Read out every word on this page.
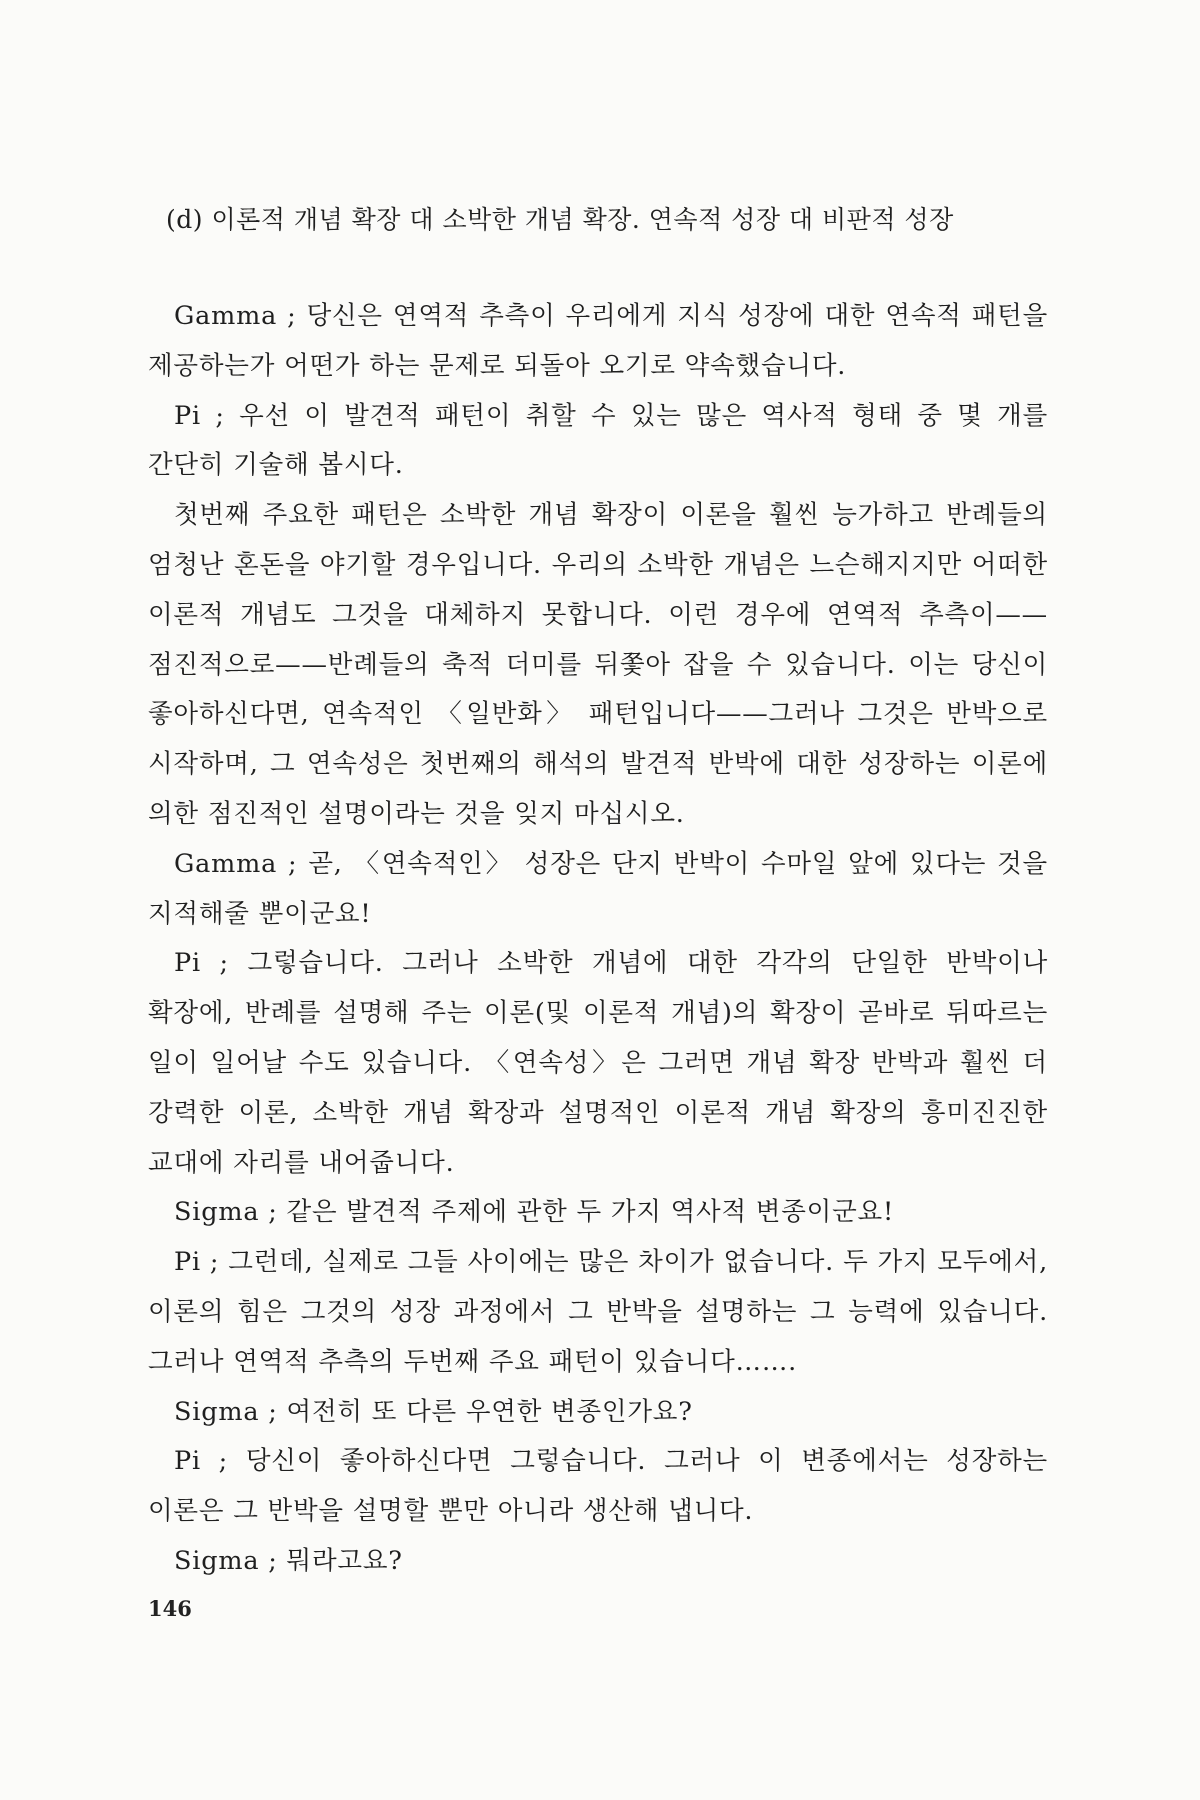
(d) 이론적 개념 확장 대 소박한 개념 확장. 연속적 성장 대 비판적 성장

Gamma ; 당신은 연역적 추측이 우리에게 지식 성장에 대한 연속적 패턴을 제공하는가 어떤가 하는 문제로 되돌아 오기로 약속했습니다.

Pi ; 우선 이 발견적 패턴이 취할 수 있는 많은 역사적 형태 중 몇 개를 간단히 기술해 봅시다.

첫번째 주요한 패턴은 소박한 개념 확장이 이론을 훨씬 능가하고 반례들의 엄청난 혼돈을 야기할 경우입니다. 우리의 소박한 개념은 느슨해지지만 어떠한 이론적 개념도 그것을 대체하지 못합니다. 이런 경우에 연역적 추측이——점진적으로——반례들의 축적 더미를 뒤쫓아 잡을 수 있습니다. 이는 당신이 좋아하신다면, 연속적인 〈일반화〉 패턴입니다——그러나 그것은 반박으로 시작하며, 그 연속성은 첫번째의 해석의 발견적 반박에 대한 성장하는 이론에 의한 점진적인 설명이라는 것을 잊지 마십시오.

Gamma ; 곧, 〈연속적인〉 성장은 단지 반박이 수마일 앞에 있다는 것을 지적해줄 뿐이군요!

Pi ; 그렇습니다. 그러나 소박한 개념에 대한 각각의 단일한 반박이나 확장에, 반례를 설명해 주는 이론(및 이론적 개념)의 확장이 곧바로 뒤따르는 일이 일어날 수도 있습니다. 〈연속성〉은 그러면 개념 확장 반박과 훨씬 더 강력한 이론, 소박한 개념 확장과 설명적인 이론적 개념 확장의 흥미진진한 교대에 자리를 내어줍니다.

Sigma ; 같은 발견적 주제에 관한 두 가지 역사적 변종이군요!

Pi ; 그런데, 실제로 그들 사이에는 많은 차이가 없습니다. 두 가지 모두에서, 이론의 힘은 그것의 성장 과정에서 그 반박을 설명하는 그 능력에 있습니다. 그러나 연역적 추측의 두번째 주요 패턴이 있습니다…….

Sigma ; 여전히 또 다른 우연한 변종인가요?

Pi ; 당신이 좋아하신다면 그렇습니다. 그러나 이 변종에서는 성장하는 이론은 그 반박을 설명할 뿐만 아니라 생산해 냅니다.

Sigma ; 뭐라고요?

146
